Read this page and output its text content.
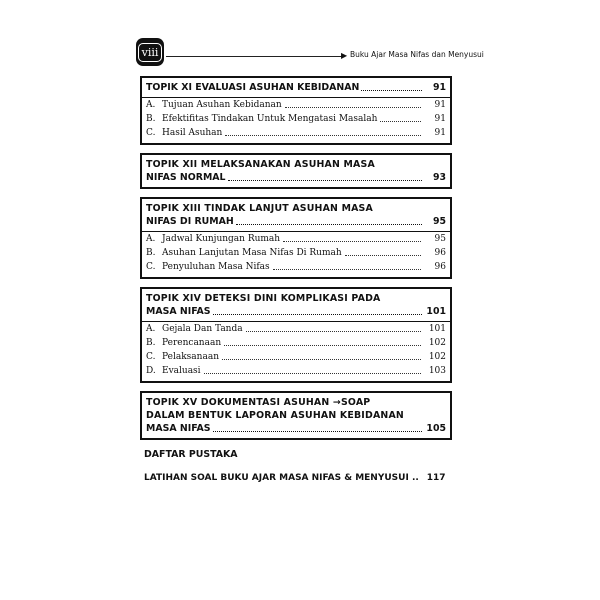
viii	▶ Buku Ajar Masa Nifas dan Menyusui
TOPIK XI EVALUASI ASUHAN KEBIDANAN	91
A. Tujuan Asuhan Kebidanan	91
B. Efektifitas Tindakan Untuk Mengatasi Masalah	91
C. Hasil Asuhan	91
TOPIK XII MELAKSANAKAN ASUHAN MASA
NIFAS NORMAL	93
TOPIK XIII TINDAK LANJUT ASUHAN MASA
NIFAS DI RUMAH	95
A. Jadwal Kunjungan Rumah	95
B. Asuhan Lanjutan Masa Nifas Di Rumah	96
C. Penyuluhan Masa Nifas	96
TOPIK XIV DETEKSI DINI KOMPLIKASI PADA
MASA NIFAS	101
A. Gejala Dan Tanda	101
B. Perencanaan	102
C. Pelaksanaan	102
D. Evaluasi	103
TOPIK XV DOKUMENTASI ASUHAN →SOAP
DALAM BENTUK LAPORAN ASUHAN KEBIDANAN
MASA NIFAS	105
DAFTAR PUSTAKA
LATIHAN SOAL BUKU AJAR MASA NIFAS & MENYUSUI .. 117
